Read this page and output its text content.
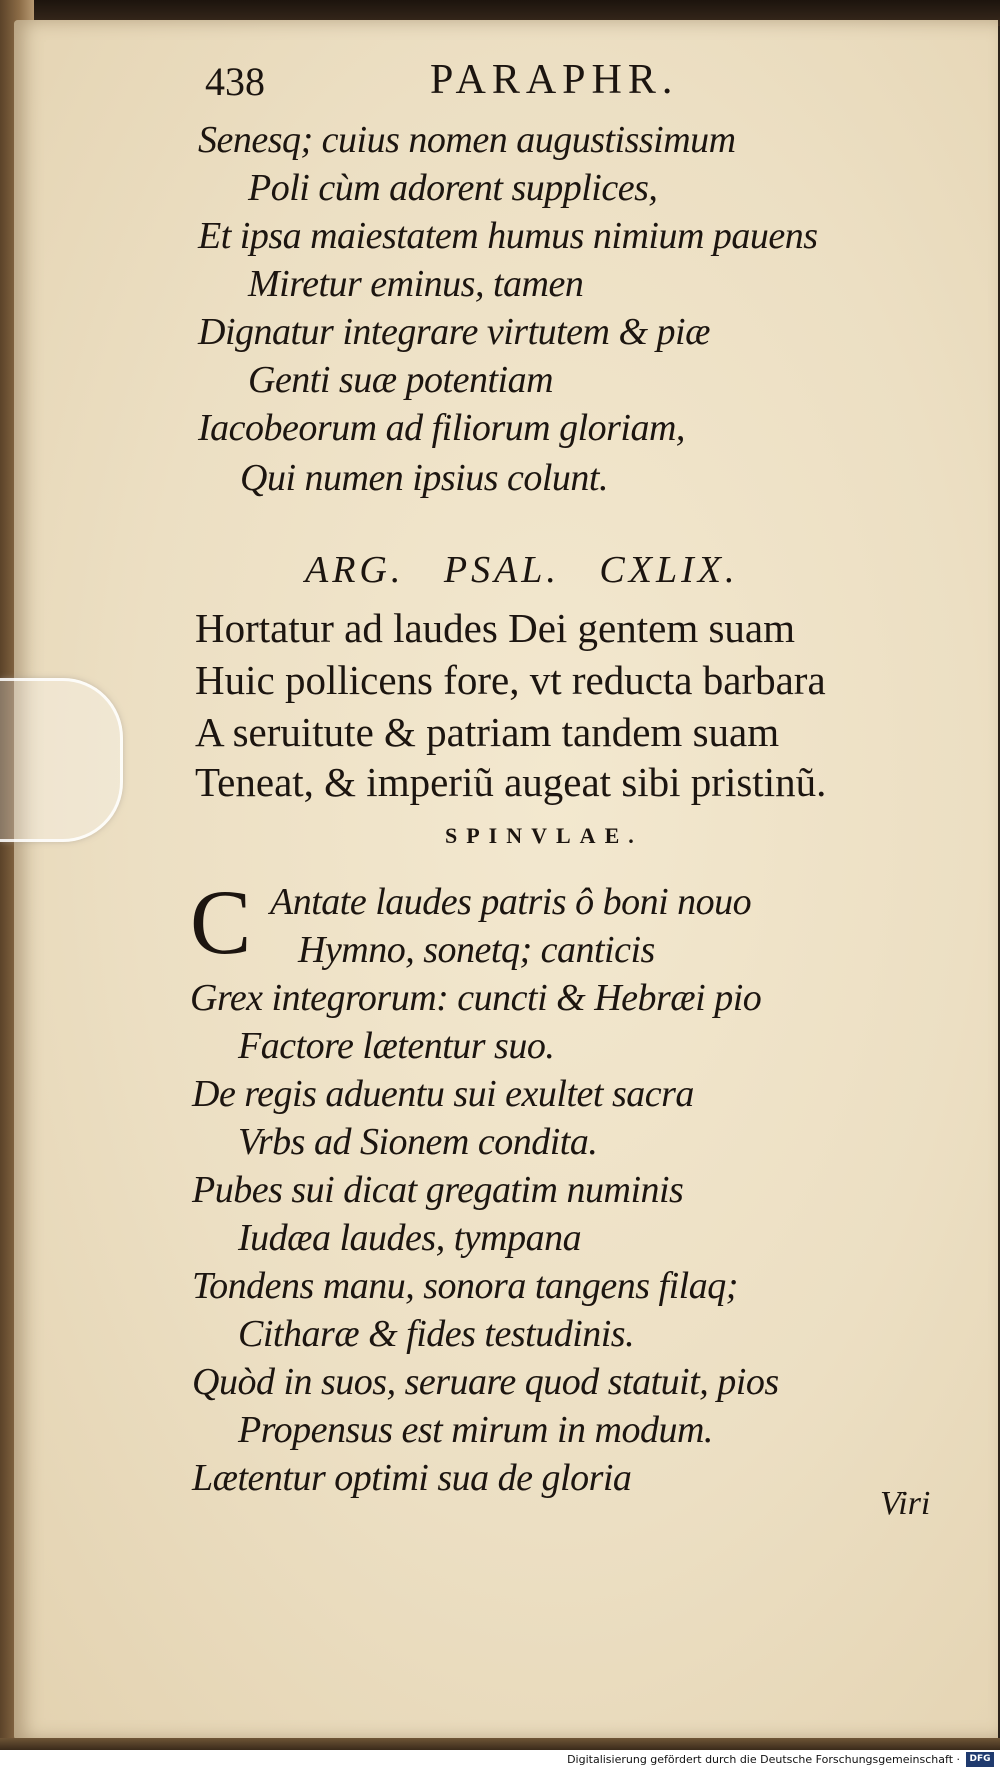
438	PARAPHR.
Senesq; cuius nomen augustissimum
Poli cùm adorent supplices,
Et ipsa maiestatem humus nimium pauens
Miretur eminus, tamen
Dignatur integrare virtutem & piæ
Genti suæ potentiam
Iacobeorum ad filiorum gloriam,
Qui numen ipsius colunt.
ARG. PSAL. CXLIX.
Hortatur ad laudes Dei gentem suam
Huic pollicens fore, vt reducta barbara
A seruitute & patriam tandem suam
Teneat, & imperiũ augeat sibi pristinũ.
SPINVLAE.
C Antate laudes patris ô boni nouo
Hymno, sonetq; canticis
Grex integrorum: cuncti & Hebræi pio
Factore lætentur suo.
De regis aduentu sui exultet sacra
Vrbs ad Sionem condita.
Pubes sui dicat gregatim numinis
Iudæa laudes, tympana
Tondens manu, sonora tangens filaq;
Citharæ & fides testudinis.
Quòd in suos, seruare quod statuit, pios
Propensus est mirum in modum.
Lætentur optimi sua de gloria
Viri
Digitalisierung gefördert durch die Deutsche Forschungsgemeinschaft ·	DFG
